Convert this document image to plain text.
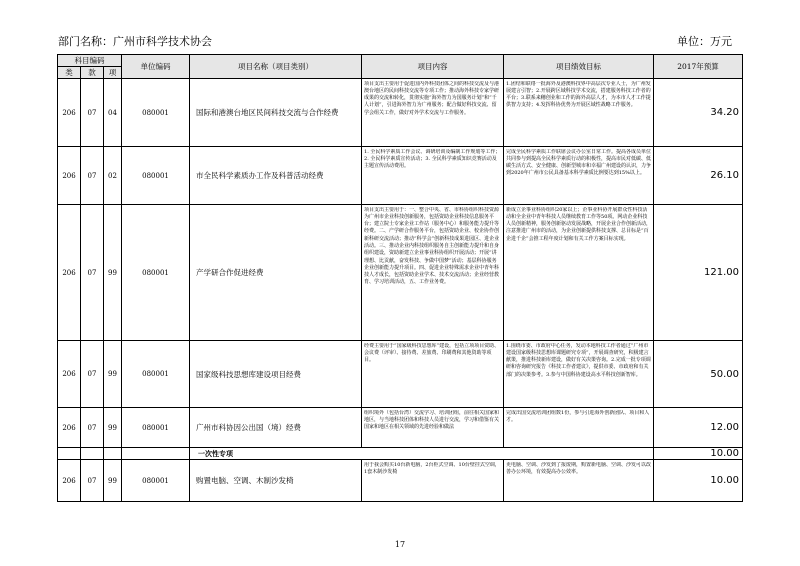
部门名称：广州市科学技术协会	单位：万元
科目编码			单位编码	项目名称（项目类别）	项目内容	项目绩效目标	2017年预算
类	款	项					
206	07	04	080001	国际和港澳台地区民间科技交流与合作经费	项目支出主要用于促进国内外科技团体之间的科技交流及与港澳台地区的民间科技交流等专项工作；推动海外科技专家学研成果的交流和转化，贯彻实施“海外智力为国服务计划”和“千人计划”，引进海外智力为广州服务；配合做好科技交流、留学会组关工作，做好对外学术交流与工作服务。	1.团结和联络一批海外及港澳科技界中高层次专业人士，为广州发展建言引智；2.开展跨区域科技学术交流，搭建服务科技工作者的平台；3.联系来穗创业和工作的海外高层人才，为本市人才工作提供智力支持；4.发挥科协优势为开展区域性战略工作服务。	34.20
206	07	02	080001	市全民科学素质办工作及科普活动经费	1. 全民科学素质工作会议、调研培训及编制工作规划等工作；2. 全民科学素质宣传活动；3. 全民科学素质知识竞赛活动及主题宣传活动费用。	完成全民科学素质工作联席会议办公室日常工作。提高各成员单位共同参与到提高全民科学素质行动的积极性，提高市民对低碳、低碳生活方式、安全健康、创新型城市和幸福广州建设的认识，力争到2020年广州市公民具备基本科学素质比例要达到15%以上。	26.10
206	07	99	080001	产学研合作促进经费	项目支出主要用于：一、整合中央、省、市科协组织科技资源为广州市企业科技创新服务，包括资助企业科技信息服务平台；建立院士专家企业工作站（服务中心）和服务能力提升等经费。二、产学研合作服务平台，包括资助企业、校企协作创新科研交流活动；推动“科学会”创新科技成果进园区、进企业活动。三、推动企业内科技组织服务自主创新能力提升和自身组织建设，资助新建立企业事业科协组织开展活动；开展“讲理想、比贡献，奋发科技、争做中国梦”活动；基层科协服务企业创新能力提升项目。四、促进企业特殊需求企业中青年科技人才成长，包括资助企业学术、技术交流活动；企业经营教育、学习培训活动，五、工作业务费。	新成立企事业科协组织20家以上；企事业科协开展群众性科技活动和全企业中青年科技人员继续教育工作等50项。网动企业科技人员创新精神，服务创新驱动发展战略，开展企业合作创新活动，注意推进广州市的活动，为企业创新提供科技支撑、总目标是“百企进千企”会推工程年度计划和有关工作方案目标实现。	121.00
206	07	99	080001	国家级科技思想库建设项目经费	经费主要用于“国家级科技思想库”建设，包括立项项目资助、会议费（评审）、接待费、差旅费、印刷费和其他资助等项目。	1.围绕市委、市政府中心任务，发动本地科技工作者通过“广州市建设国家级科技思想库课题研究专项”，开展调查研究，积极建言献策，推进科技新库建设，做好有关决策咨询。2.完成一批专项调研和咨询研究报告《科技工作者建议》，提供市委、市政府和有关部门的决策参考。3.参与中国科协建设高水平科技创新智库。	50.00
206	07	99	080001	广州市科协因公出国（境）经费	组织境外（包括台湾）交流学习、培训团组，前往相关国家和地区，与当地科技团体和科技人员进行交流，学习和借鉴有关国家和地区在相关领域的先进经验和做法	完成出国交流培训团组数1份，参与引进海外创新团队、项目和人才。	12.00
				一次性专项			10.00
206	07	99	080001	购置电脑、空调、木制沙发椅	用于我会购买10台新电脑，2台柜式空调、10台壁挂式空调，1套木制沙发椅	更电脑、空调、沙发到了报废期，购置新电脑、空调、沙发可以改善办公环境，有效提高办公效率。	10.00
17
